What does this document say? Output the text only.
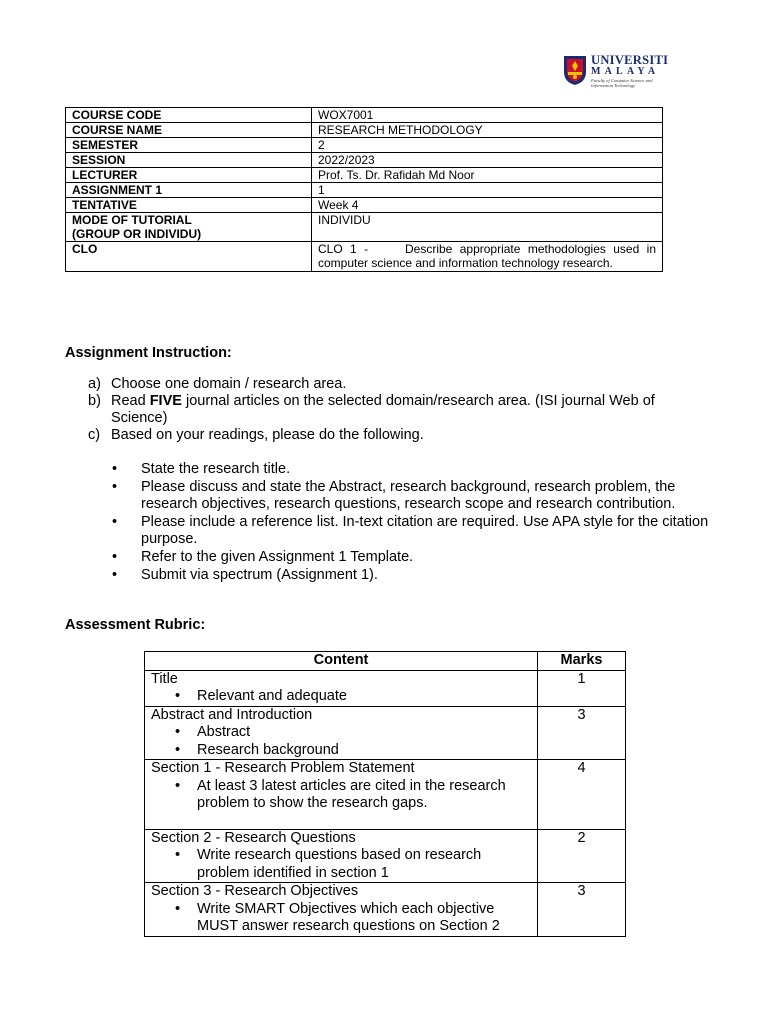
UNIVERSITI
MALAYA
Faculty of Computer Science and Information Technology
COURSE CODE	WOX7001
COURSE NAME	RESEARCH METHODOLOGY
SEMESTER	2
SESSION	2022/2023
LECTURER	Prof. Ts. Dr. Rafidah Md Noor
ASSIGNMENT 1	1
TENTATIVE	Week 4

MODE OF TUTORIAL
(GROUP OR INDIVIDU)	INDIVIDU
CLO	CLO 1 -     Describe appropriate methodologies used in computer science and information technology research.
Assignment Instruction:
a) Choose one domain / research area.
b) Read FIVE journal articles on the selected domain/research area. (ISI journal Web of Science)
c) Based on your readings, please do the following.
• State the research title.
• Please discuss and state the Abstract, research background, research problem, the research objectives, research questions, research scope and research contribution.
• Please include a reference list. In-text citation are required. Use APA style for the citation purpose.
• Refer to the given Assignment 1 Template.
• Submit via spectrum (Assignment 1).
Assessment Rubric:
Content	Marks

Title
• Relevant and adequate	1

Abstract and Introduction
• Abstract
• Research background	3

Section 1 - Research Problem Statement
• At least 3 latest articles are cited in the research problem to show the research gaps.	4

Section 2 - Research Questions
• Write research questions based on research problem identified in section 1	2

Section 3 - Research Objectives
• Write SMART Objectives which each objective MUST answer research questions on Section 2	3
